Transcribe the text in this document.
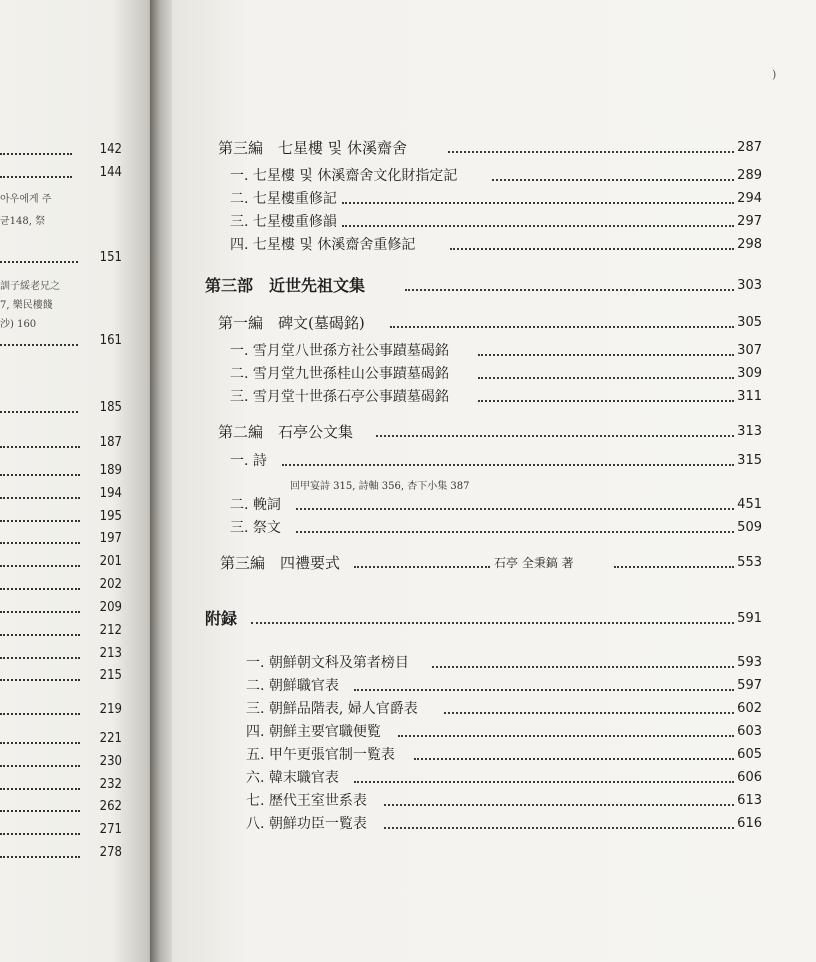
142
144
아우에게 주
균148, 祭
151
訓子綏老兄之
7, 樂民樓餞
沙) 160
161
185
187
189
194
195
197
201
202
209
212
213
215
219
221
230
232
262
271
278
第三編　七星樓 및 休溪齋舍	287
一. 七星樓 및 休溪齋舍文化財指定記	289
二. 七星樓重修記	294
三. 七星樓重修韻	297
四. 七星樓 및 休溪齋舍重修記	298
第三部　近世先祖文集	303
第一編　碑文(墓碣銘)	305
一. 雪月堂八世孫方社公事蹟墓碣銘	307
二. 雪月堂九世孫桂山公事蹟墓碣銘	309
三. 雪月堂十世孫石亭公事蹟墓碣銘	311
第二編　石亭公文集	313
一. 詩	315
回甲宴詩 315, 詩軸 356, 杏下小集 387
二. 輓詞	451
三. 祭文	509
第三編　四禮要式	石亭 全秉鎬 著	553
附録	591
一. 朝鮮朝文科及第者榜目	593
二. 朝鮮職官表	597
三. 朝鮮品階表, 婦人官爵表	602
四. 朝鮮主要官職便覧	603
五. 甲午更張官制一覧表	605
六. 韓末職官表	606
七. 歴代王室世系表	613
八. 朝鮮功臣一覧表	616
)
